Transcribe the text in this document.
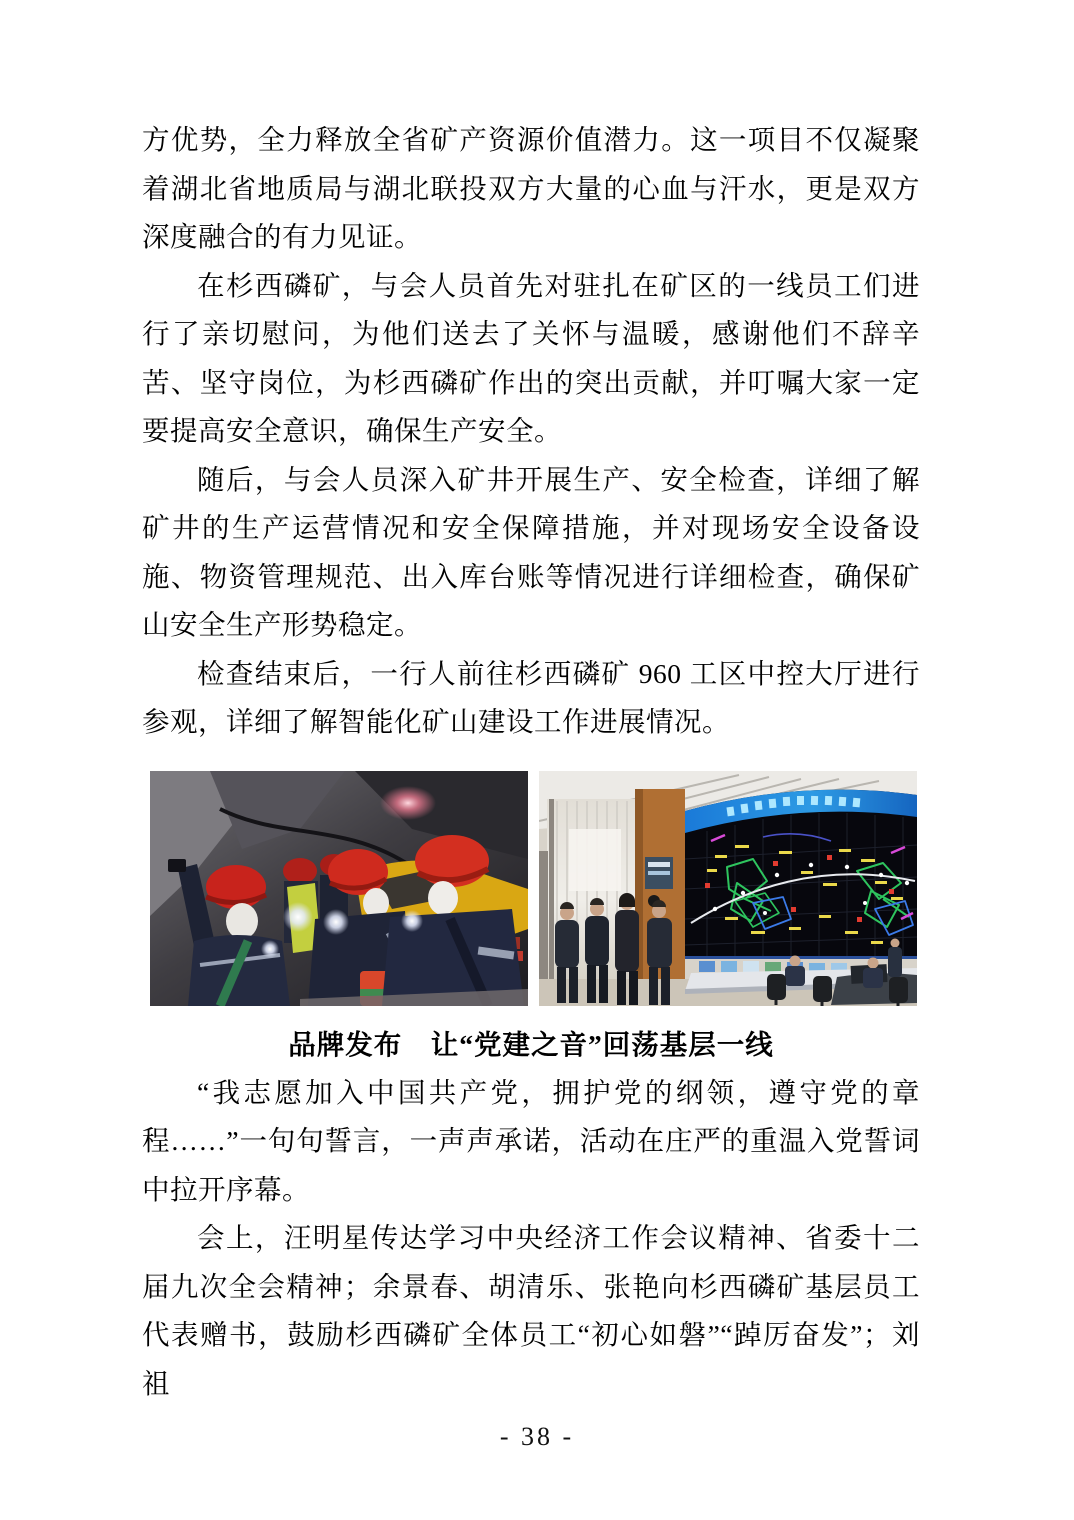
方优势，全力释放全省矿产资源价值潜力。这一项目不仅凝聚着湖北省地质局与湖北联投双方大量的心血与汗水，更是双方深度融合的有力见证。

在杉西磷矿，与会人员首先对驻扎在矿区的一线员工们进行了亲切慰问，为他们送去了关怀与温暖，感谢他们不辞辛苦、坚守岗位，为杉西磷矿作出的突出贡献，并叮嘱大家一定要提高安全意识，确保生产安全。

随后，与会人员深入矿井开展生产、安全检查，详细了解矿井的生产运营情况和安全保障措施，并对现场安全设备设施、物资管理规范、出入库台账等情况进行详细检查，确保矿山安全生产形势稳定。

检查结束后，一行人前往杉西磷矿 960 工区中控大厅进行参观，详细了解智能化矿山建设工作进展情况。

品牌发布　让“党建之音”回荡基层一线

“我志愿加入中国共产党，拥护党的纲领，遵守党的章程……”一句句誓言，一声声承诺，活动在庄严的重温入党誓词中拉开序幕。

会上，汪明星传达学习中央经济工作会议精神、省委十二届九次全会精神；余景春、胡清乐、张艳向杉西磷矿基层员工代表赠书，鼓励杉西磷矿全体员工“初心如磐”“踔厉奋发”；刘祖

- 38 -
